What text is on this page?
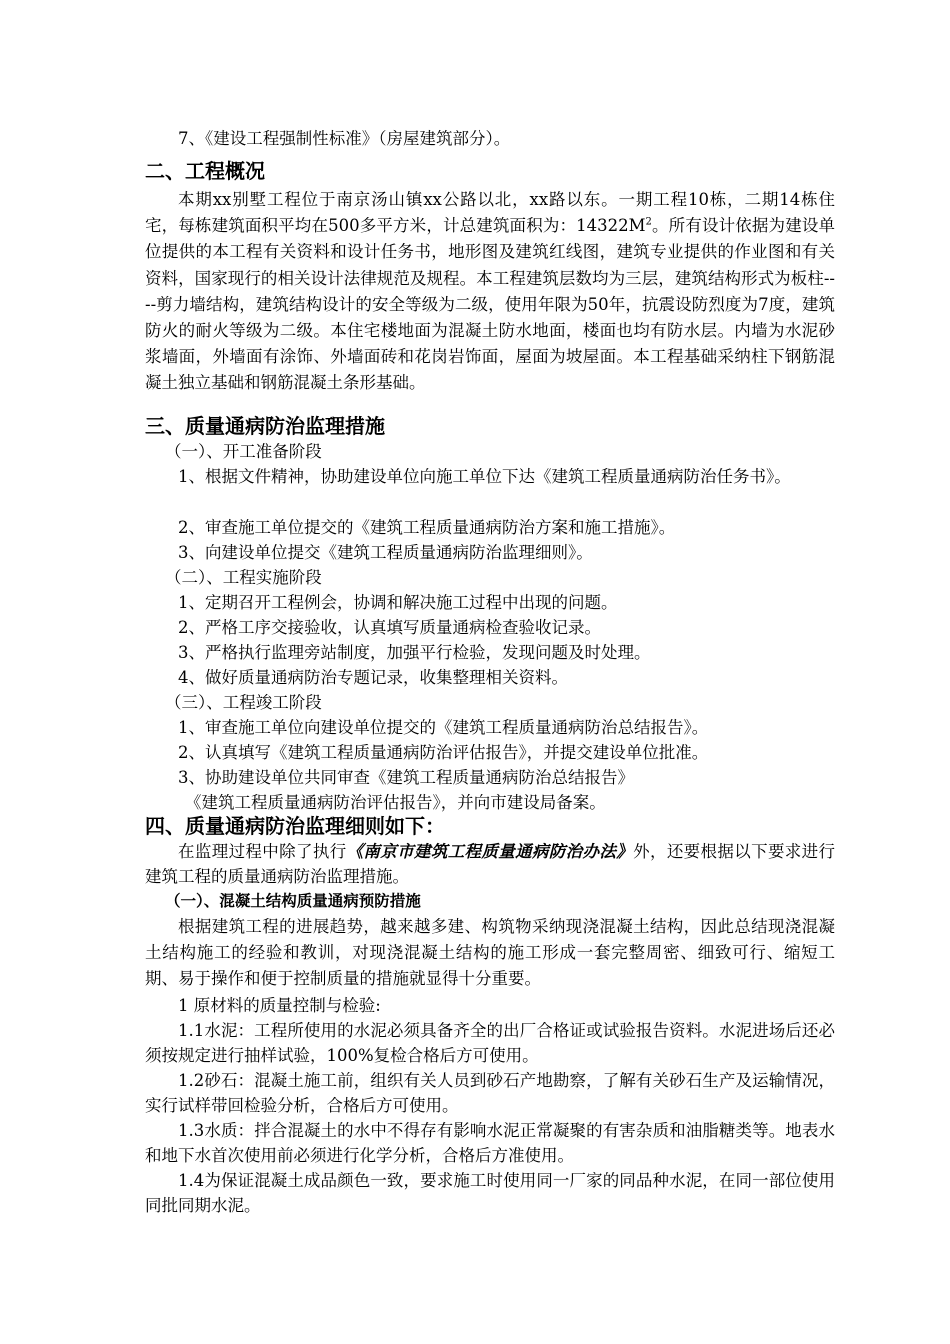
7、《建设工程强制性标准》（房屋建筑部分）。

二、工程概况

本期xx别墅工程位于南京汤山镇xx公路以北，xx路以东。一期工程10栋，二期14栋住宅，每栋建筑面积平均在500多平方米，计总建筑面积为：$14322M^2$。所有设计依据为建设单位提供的本工程有关资料和设计任务书，地形图及建筑红线图，建筑专业提供的作业图和有关资料，国家现行的相关设计法律规范及规程。本工程建筑层数均为三层，建筑结构形式为板柱----剪力墙结构，建筑结构设计的安全等级为二级，使用年限为50年，抗震设防烈度为7度，建筑防火的耐火等级为二级。本住宅楼地面为混凝土防水地面，楼面也均有防水层。内墙为水泥砂浆墙面，外墙面有涂饰、外墙面砖和花岗岩饰面，屋面为坡屋面。本工程基础采纳柱下钢筋混凝土独立基础和钢筋混凝土条形基础。

三、质量通病防治监理措施

（一）、开工准备阶段

1、根据文件精神，协助建设单位向施工单位下达《建筑工程质量通病防治任务书》。

2、审查施工单位提交的《建筑工程质量通病防治方案和施工措施》。

3、向建设单位提交《建筑工程质量通病防治监理细则》。

（二）、工程实施阶段

1、定期召开工程例会，协调和解决施工过程中出现的问题。

2、严格工序交接验收，认真填写质量通病检查验收记录。

3、严格执行监理旁站制度，加强平行检验，发现问题及时处理。

4、做好质量通病防治专题记录，收集整理相关资料。

（三）、工程竣工阶段

1、审查施工单位向建设单位提交的《建筑工程质量通病防治总结报告》。

2、认真填写《建筑工程质量通病防治评估报告》，并提交建设单位批准。

3、协助建设单位共同审查《建筑工程质量通病防治总结报告》

《建筑工程质量通病防治评估报告》，并向市建设局备案。

四、质量通病防治监理细则如下：

在监理过程中除了执行《南京市建筑工程质量通病防治办法》外，还要根据以下要求进行建筑工程的质量通病防治监理措施。

（一）、混凝土结构质量通病预防措施

根据建筑工程的进展趋势，越来越多建、构筑物采纳现浇混凝土结构，因此总结现浇混凝土结构施工的经验和教训，对现浇混凝土结构的施工形成一套完整周密、细致可行、缩短工期、易于操作和便于控制质量的措施就显得十分重要。

1 原材料的质量控制与检验:

1.1水泥：工程所使用的水泥必须具备齐全的出厂合格证或试验报告资料。水泥进场后还必须按规定进行抽样试验，100%复检合格后方可使用。

1.2砂石：混凝土施工前，组织有关人员到砂石产地勘察，了解有关砂石生产及运输情况，实行试样带回检验分析，合格后方可使用。

1.3水质：拌合混凝土的水中不得存有影响水泥正常凝聚的有害杂质和油脂糖类等。地表水和地下水首次使用前必须进行化学分析，合格后方准使用。

1.4为保证混凝土成品颜色一致，要求施工时使用同一厂家的同品种水泥，在同一部位使用同批同期水泥。
